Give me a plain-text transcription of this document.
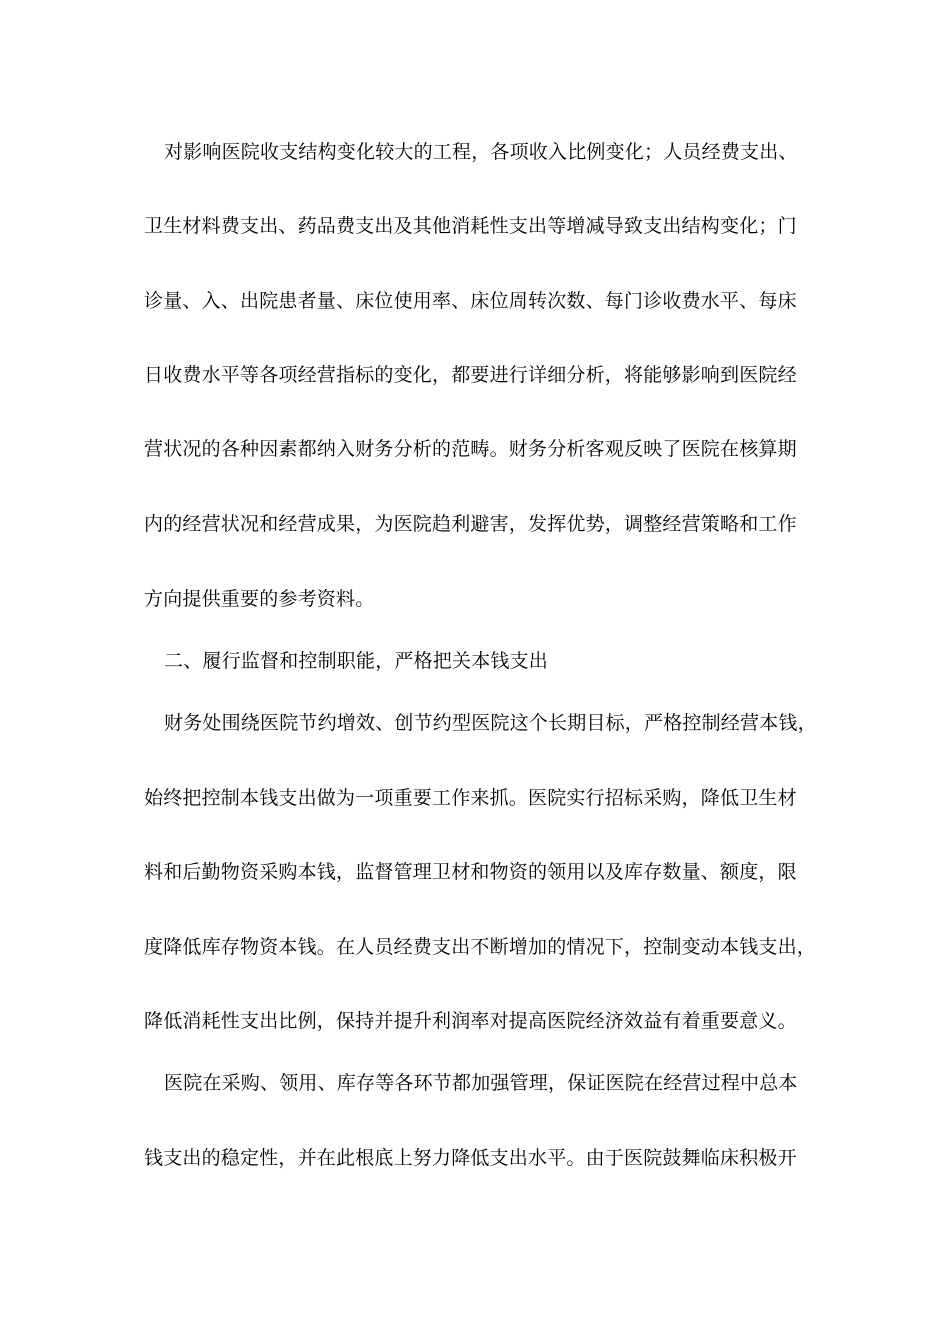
对影响医院收支结构变化较大的工程，各项收入比例变化；人员经费支出、
卫生材料费支出、药品费支出及其他消耗性支出等增减导致支出结构变化；门
诊量、入、出院患者量、床位使用率、床位周转次数、每门诊收费水平、每床
日收费水平等各项经营指标的变化，都要进行详细分析，将能够影响到医院经
营状况的各种因素都纳入财务分析的范畴。财务分析客观反映了医院在核算期
内的经营状况和经营成果，为医院趋利避害，发挥优势，调整经营策略和工作
方向提供重要的参考资料。
二、履行监督和控制职能，严格把关本钱支出
财务处围绕医院节约增效、创节约型医院这个长期目标，严格控制经营本钱，
始终把控制本钱支出做为一项重要工作来抓。医院实行招标采购，降低卫生材
料和后勤物资采购本钱，监督管理卫材和物资的领用以及库存数量、额度，限
度降低库存物资本钱。在人员经费支出不断增加的情况下，控制变动本钱支出，
降低消耗性支出比例，保持并提升利润率对提高医院经济效益有着重要意义。
医院在采购、领用、库存等各环节都加强管理，保证医院在经营过程中总本
钱支出的稳定性，并在此根底上努力降低支出水平。由于医院鼓舞临床积极开
